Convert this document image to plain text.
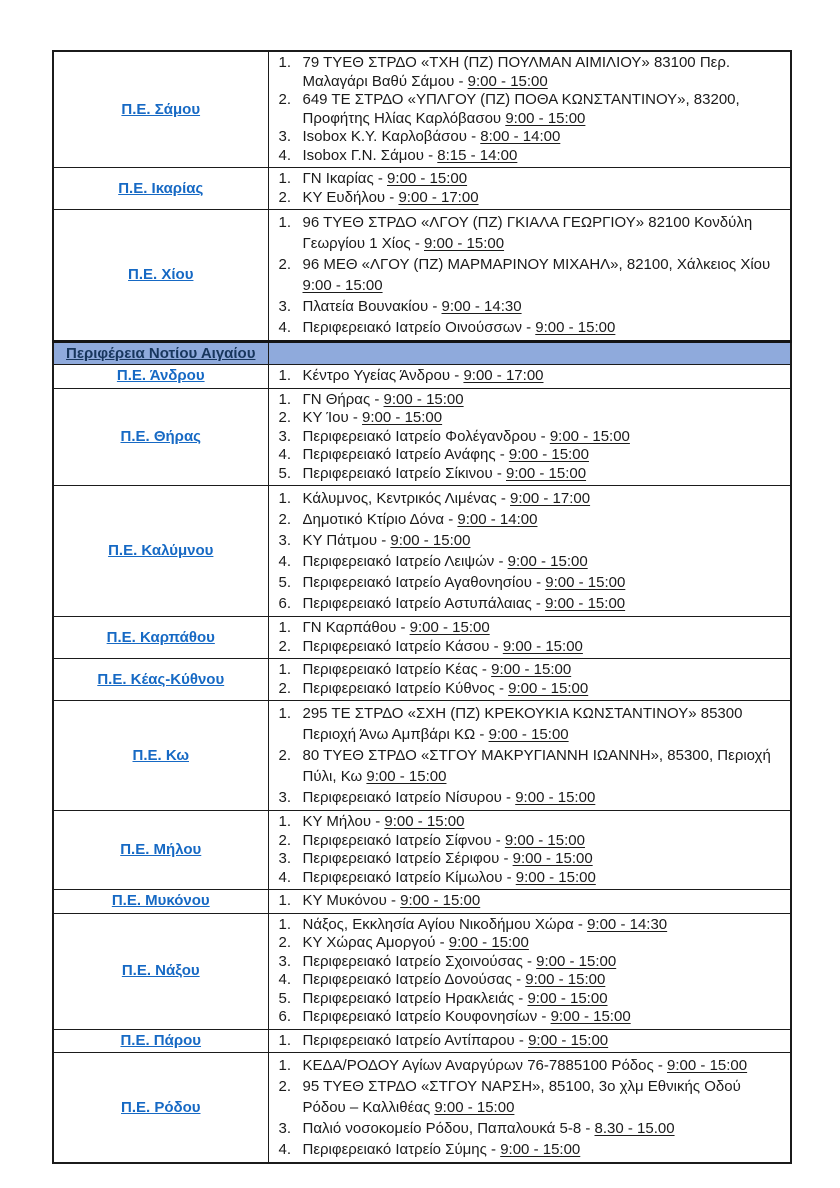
Π.Ε. Σάμου	
1. 79 ΤΥΕΘ ΣΤΡΔΟ «ΤΧΗ (ΠΖ) ΠΟΥΛΜΑΝ ΑΙΜΙΛΙΟΥ» 83100 Περ. Μαλαγάρι Βαθύ Σάμου - 9:00 - 15:00
2. 649 ΤΕ ΣΤΡΔΟ «ΥΠΛΓΟΥ (ΠΖ) ΠΟΘΑ ΚΩΝΣΤΑΝΤΙΝΟΥ», 83200, Προφήτης Ηλίας Καρλόβασου 9:00 - 15:00
3. Isobox Κ.Υ. Καρλοβάσου - 8:00 - 14:00
4. Isobox Γ.Ν. Σάμου - 8:15 - 14:00

Π.Ε. Ικαρίας	1. ΓΝ Ικαρίας - 9:00 - 15:00
2. ΚΥ Ευδήλου - 9:00 - 17:00

Π.Ε. Χίου	
1. 96 ΤΥΕΘ ΣΤΡΔΟ «ΛΓΟΥ (ΠΖ) ΓΚΙΑΛΑ ΓΕΩΡΓΙΟΥ» 82100 Κονδύλη Γεωργίου 1 Χίος - 9:00 - 15:00
2. 96 ΜΕΘ «ΛΓΟΥ (ΠΖ) ΜΑΡΜΑΡΙΝΟΥ ΜΙΧΑΗΛ», 82100, Χάλκειος Χίου 9:00 - 15:00
3. Πλατεία Βουνακίου - 9:00 - 14:30
4. Περιφερειακό Ιατρείο Οινούσσων - 9:00 - 15:00

Περιφέρεια Νοτίου Αιγαίου	

Π.Ε. Άνδρου	1. Κέντρο Υγείας Άνδρου - 9:00 - 17:00

Π.Ε. Θήρας	
1. ΓΝ Θήρας - 9:00 - 15:00
2. ΚΥ Ίου - 9:00 - 15:00
3. Περιφερειακό Ιατρείο Φολέγανδρου - 9:00 - 15:00
4. Περιφερειακό Ιατρείο Ανάφης - 9:00 - 15:00
5. Περιφερειακό Ιατρείο Σίκινου - 9:00 - 15:00

Π.Ε. Καλύμνου	
1. Κάλυμνος, Κεντρικός Λιμένας - 9:00 - 17:00
2. Δημοτικό Κτίριο Δόνα - 9:00 - 14:00
3. ΚΥ Πάτμου - 9:00 - 15:00
4. Περιφερειακό Ιατρείο Λειψών - 9:00 - 15:00
5. Περιφερειακό Ιατρείο Αγαθονησίου - 9:00 - 15:00
6. Περιφερειακό Ιατρείο Αστυπάλαιας - 9:00 - 15:00

Π.Ε. Καρπάθου	1. ΓΝ Καρπάθου - 9:00 - 15:00
2. Περιφερειακό Ιατρείο Κάσου - 9:00 - 15:00

Π.Ε. Κέας-Κύθνου	1. Περιφερειακό Ιατρείο Κέας - 9:00 - 15:00
2. Περιφερειακό Ιατρείο Κύθνος - 9:00 - 15:00

Π.Ε. Κω	
1. 295 ΤΕ ΣΤΡΔΟ «ΣΧΗ (ΠΖ) ΚΡΕΚΟΥΚΙΑ ΚΩΝΣΤΑΝΤΙΝΟΥ» 85300 Περιοχή Άνω Αμπβάρι ΚΩ - 9:00 - 15:00
2. 80 ΤΥΕΘ ΣΤΡΔΟ «ΣΤΓΟΥ ΜΑΚΡΥΓΙΑΝΝΗ ΙΩΑΝΝΗ», 85300, Περιοχή Πύλι, Κω 9:00 - 15:00
3. Περιφερειακό Ιατρείο Νίσυρου - 9:00 - 15:00

Π.Ε. Μήλου	
1. ΚΥ Μήλου - 9:00 - 15:00
2. Περιφερειακό Ιατρείο Σίφνου - 9:00 - 15:00
3. Περιφερειακό Ιατρείο Σέριφου - 9:00 - 15:00
4. Περιφερειακό Ιατρείο Κίμωλου - 9:00 - 15:00

Π.Ε. Μυκόνου	1. ΚΥ Μυκόνου - 9:00 - 15:00

Π.Ε. Νάξου	
1. Νάξος, Εκκλησία Αγίου Νικοδήμου Χώρα - 9:00 - 14:30
2. ΚΥ Χώρας Αμοργού - 9:00 - 15:00
3. Περιφερειακό Ιατρείο Σχοινούσας - 9:00 - 15:00
4. Περιφερειακό Ιατρείο Δονούσας - 9:00 - 15:00
5. Περιφερειακό Ιατρείο Ηρακλειάς - 9:00 - 15:00
6. Περιφερειακό Ιατρείο Κουφονησίων - 9:00 - 15:00

Π.Ε. Πάρου	1. Περιφερειακό Ιατρείο Αντίπαρου - 9:00 - 15:00

Π.Ε. Ρόδου	
1. ΚΕΔΑ/ΡΟΔΟΥ Αγίων Αναργύρων 76-7885100 Ρόδος - 9:00 - 15:00
2. 95 ΤΥΕΘ ΣΤΡΔΟ «ΣΤΓΟΥ ΝΑΡΣΗ», 85100, 3ο χλμ Εθνικής Οδού Ρόδου – Καλλιθέας 9:00 - 15:00
3. Παλιό νοσοκομείο Ρόδου, Παπαλουκά 5-8 - 8.30 - 15.00
4. Περιφερειακό Ιατρείο Σύμης - 9:00 - 15:00
